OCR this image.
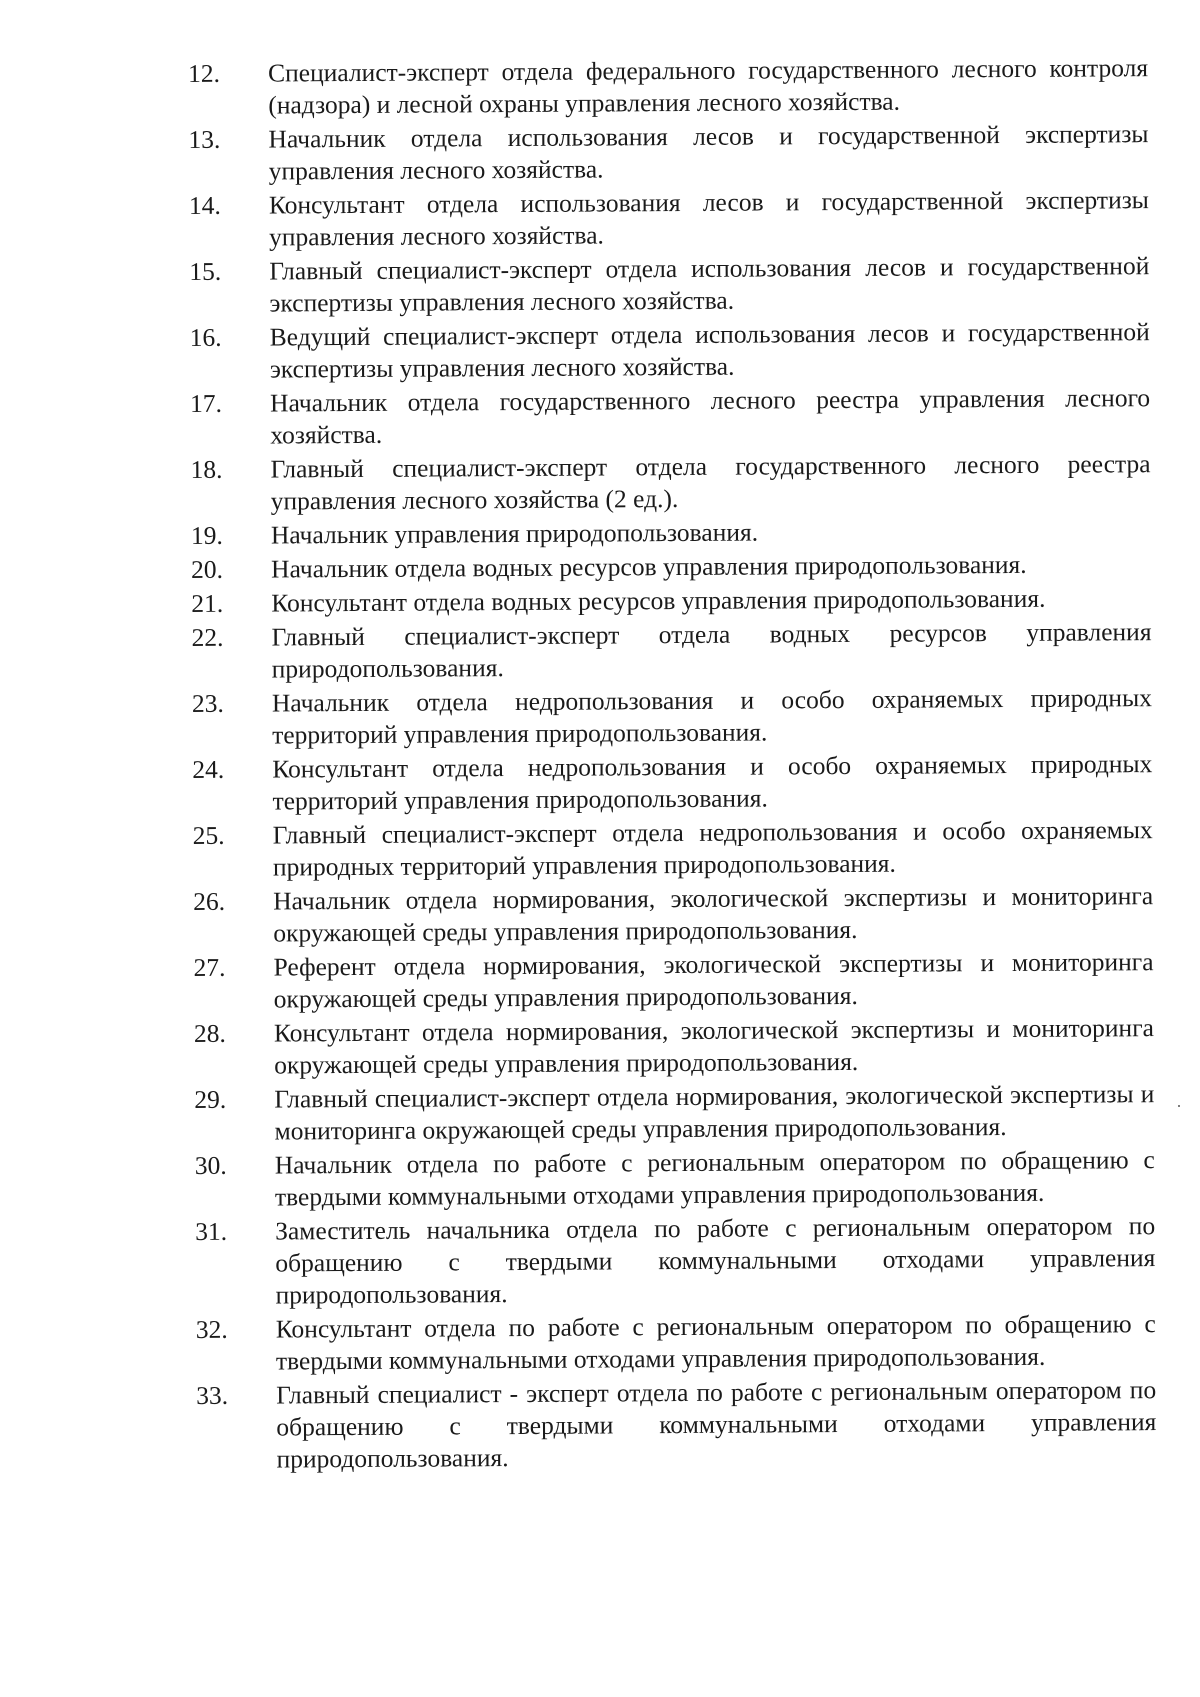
12.	Специалист-эксперт отдела федерального государственного лесного контроля (надзора) и лесной охраны управления лесного хозяйства.
13.	Начальник отдела использования лесов и государственной экспертизы управления лесного хозяйства.
14.	Консультант отдела использования лесов и государственной экспертизы управления лесного хозяйства.
15.	Главный специалист-эксперт отдела использования лесов и государственной экспертизы управления лесного хозяйства.
16.	Ведущий специалист-эксперт отдела использования лесов и государственной экспертизы управления лесного хозяйства.
17.	Начальник отдела государственного лесного реестра управления лесного хозяйства.
18.	Главный специалист-эксперт отдела государственного лесного реестра управления лесного хозяйства (2 ед.).
19.	Начальник управления природопользования.
20.	Начальник отдела водных ресурсов управления природопользования.
21.	Консультант отдела водных ресурсов управления природопользования.
22.	Главный специалист-эксперт отдела водных ресурсов управления природопользования.
23.	Начальник отдела недропользования и особо охраняемых природных территорий управления природопользования.
24.	Консультант отдела недропользования и особо охраняемых природных территорий управления природопользования.
25.	Главный специалист-эксперт отдела недропользования и особо охраняемых природных территорий управления природопользования.
26.	Начальник отдела нормирования, экологической экспертизы и мониторинга окружающей среды управления природопользования.
27.	Референт отдела нормирования, экологической экспертизы и мониторинга окружающей среды управления природопользования.
28.	Консультант отдела нормирования, экологической экспертизы и мониторинга окружающей среды управления природопользования.
29.	Главный специалист-эксперт отдела нормирования, экологической экспертизы и мониторинга окружающей среды управления природопользования.
30.	Начальник отдела по работе с региональным оператором по обращению с твердыми коммунальными отходами управления природопользования.
31.	Заместитель начальника отдела по работе с региональным оператором по обращению с твердыми коммунальными отходами управления природопользования.
32.	Консультант отдела по работе с региональным оператором по обращению с твердыми коммунальными отходами управления природопользования.
33.	Главный специалист - эксперт отдела по работе с региональным оператором по обращению с твердыми коммунальными отходами управления природопользования.
